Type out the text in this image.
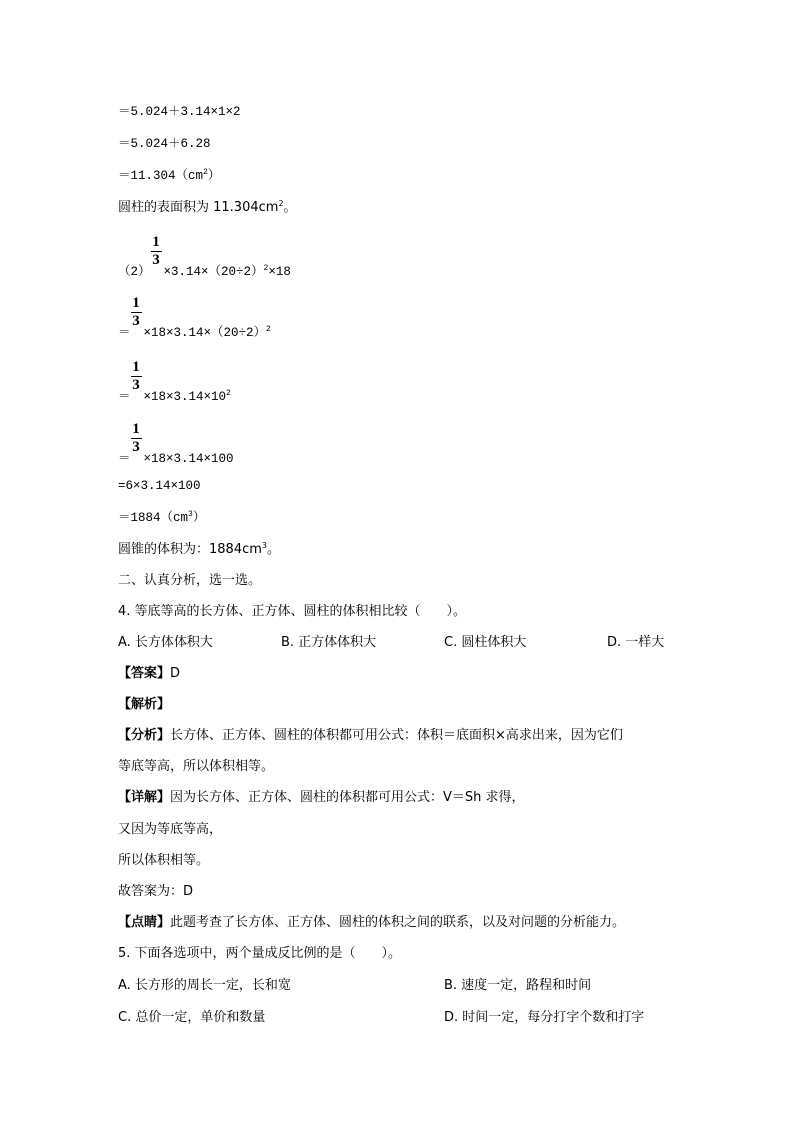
＝5.024＋3.14×1×2
＝5.024＋6.28
$=11.304(cm^2)$
圆柱的表面积为 $11.304cm^2$。
（2）
$\frac{1}{3}$
$\times 3.14\times(20\div 2)^2\times 18$
＝
$\frac{1}{3}$
$\times 18\times 3.14\times(20\div 2)^2$
＝
$\frac{1}{3}$
$\times 18\times 3.14\times 10^2$
＝
$\frac{1}{3}$
×18×3.14×100
=6×3.14×100
$=1884(cm^3)$
圆锥的体积为：$1884cm^3$。
二、认真分析，选一选。
4. 等底等高的长方体、正方体、圆柱的体积相比较（　　）。
A. 长方体体积大	B. 正方体体积大	C. 圆柱体积大	D. 一样大
【答案】D
【解析】
【分析】长方体、正方体、圆柱的体积都可用公式：体积＝底面积×高求出来，因为它们
等底等高，所以体积相等。
【详解】因为长方体、正方体、圆柱的体积都可用公式：V＝Sh 求得，
又因为等底等高，
所以体积相等。
故答案为：D
【点睛】此题考查了长方体、正方体、圆柱的体积之间的联系，以及对问题的分析能力。
5. 下面各选项中，两个量成反比例的是（　　）。
A. 长方形的周长一定，长和宽	B. 速度一定，路程和时间
C. 总价一定，单价和数量	D. 时间一定，每分打字个数和打字
